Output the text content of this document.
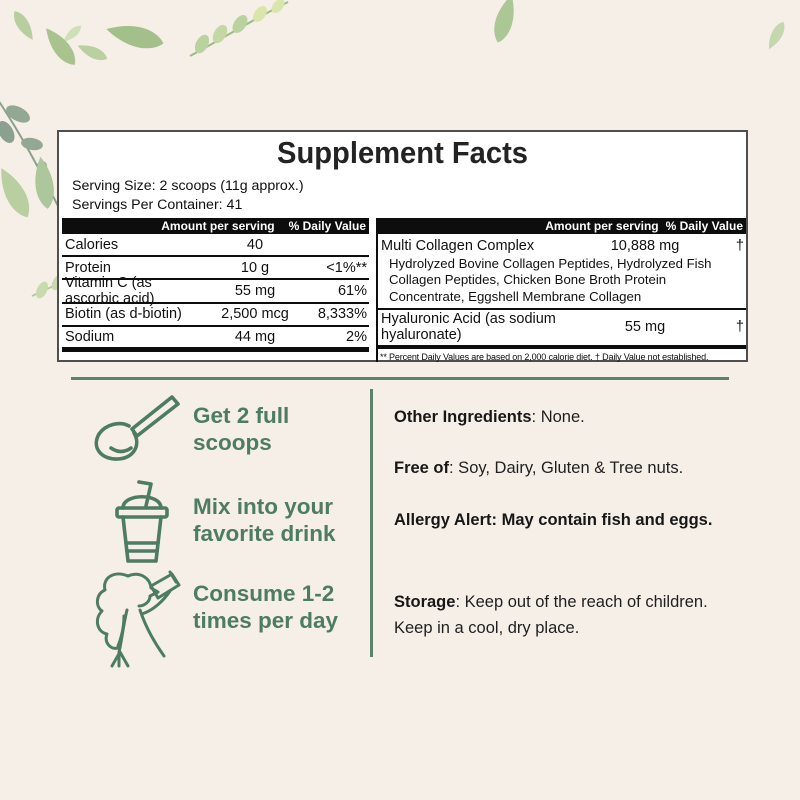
Supplement Facts
Serving Size: 2 scoops (11g approx.)
Servings Per Container: 41
Amount per serving % Daily Value
Calories	40
Protein	10 g	<1%**
Vitamin C (as ascorbic acid)	55 mg	61%
Biotin (as d-biotin)	2,500 mcg	8,333%
Sodium	44 mg	2%
Amount per serving % Daily Value
Multi Collagen Complex	10,888 mg	†
Hydrolyzed Bovine Collagen Peptides, Hydrolyzed Fish Collagen Peptides, Chicken Bone Broth Protein Concentrate, Eggshell Membrane Collagen
Hyaluronic Acid (as sodium hyaluronate)	55 mg	†
** Percent Daily Values are based on 2,000 calorie diet. † Daily Value not established.
Get 2 full scoops
Mix into your favorite drink
Consume 1-2 times per day
Other Ingredients: None.
Free of: Soy, Dairy, Gluten & Tree nuts.
Allergy Alert: May contain fish and eggs.
Storage: Keep out of the reach of children. Keep in a cool, dry place.
